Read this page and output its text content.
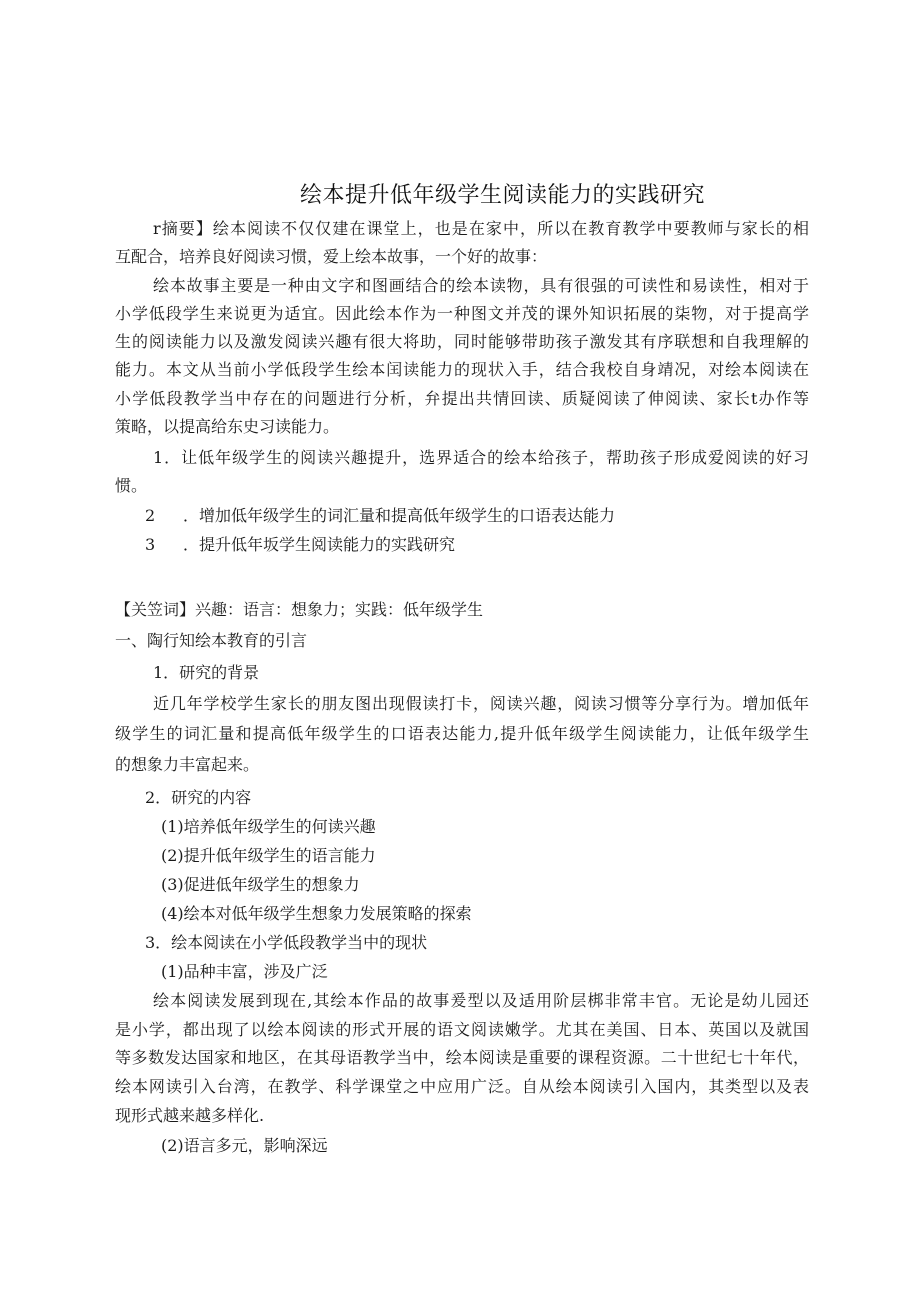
绘本提升低年级学生阅读能力的实践研究
r摘要】绘本阅读不仅仅建在课堂上，也是在家中，所以在教育教学中要教师与家长的相
互配合，培养良好阅读习惯，爱上绘本故事，一个好的故事：
绘本故事主要是一种由文字和图画结合的绘本读物，具有很强的可读性和易读性，相对于
小学低段学生来说更为适宜。因此绘本作为一种图文并茂的课外知识拓展的柒物，对于提高学
生的阅读能力以及激发阅读兴趣有很大将助，同时能够带助孩子激发其有序联想和自我理解的
能力。本文从当前小学低段学生绘本闰读能力的现状入手，结合我校自身靖况，对绘本阅读在
小学低段教学当中存在的问题进行分析，弁提出共情回读、质疑阅读了伸阅读、家长t办作等
策略，以提高给东史习读能力。
1．让低年级学生的阅读兴趣提升，选界适合的绘本给孩子，帮助孩子形成爱阅读的好习
惯。
2 ．增加低年级学生的词汇量和提高低年级学生的口语表达能力
3 ．提升低年坂学生阅读能力的实践研究
【关笠词】兴趣：语言：想象力；实践：低年级学生
一、陶行知绘本教育的引言
1．研究的背景
近几年学校学生家长的朋友图出现假读打卡，阅读兴趣，阅读习惯等分享行为。增加低年
级学生的词汇量和提高低年级学生的口语表达能力,提升低年级学生阅读能力，让低年级学生
的想象力丰富起来。
2．研究的内容
(1)培养低年级学生的何读兴趣
(2)提升低年级学生的语言能力
(3)促进低年级学生的想象力
(4)绘本对低年级学生想象力发展策略的探索
3．绘本阅读在小学低段教学当中的现状
(1)品种丰富，涉及广泛
绘本阅读发展到现在,其绘本作品的故事爰型以及适用阶层梆非常丰官。无论是幼儿园还
是小学，都出现了以绘本阅读的形式开展的语文阅读嫩学。尤其在美国、日本、英国以及就国
等多数发达国家和地区，在其母语教学当中，绘本阅读是重要的课程资源。二十世纪七十年代，
绘本网读引入台湾，在教学、科学课堂之中应用广泛。自从绘本阅读引入国内，其类型以及表
现形式越来越多样化.
(2)语言多元，影响深远
